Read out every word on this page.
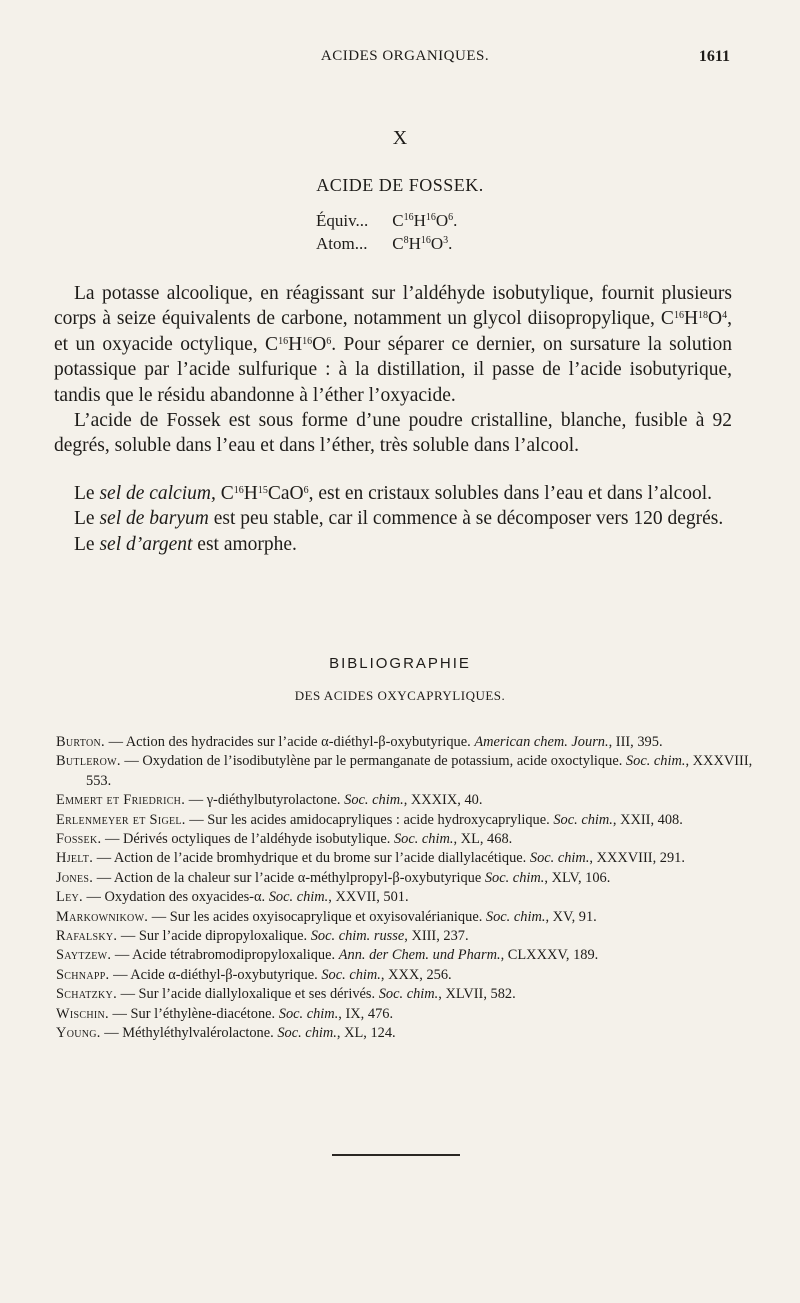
ACIDES ORGANIQUES.	1611
X
ACIDE DE FOSSEK.
Équiv... $C^{16}H^{16}O^6$.
Atom... $C^8H^{16}O^3$.

La potasse alcoolique, en réagissant sur l’aldéhyde isobutylique, fournit plusieurs corps à seize équivalents de carbone, notamment un glycol diisopropylique, $C^{16}H^{18}O^4$, et un oxyacide octylique, $C^{16}H^{16}O^6$. Pour séparer ce dernier, on sursature la solution potassique par l’acide sulfurique : à la distillation, il passe de l’acide isobutyrique, tandis que le résidu abandonne à l’éther l’oxyacide.

L’acide de Fossek est sous forme d’une poudre cristalline, blanche, fusible à 92 degrés, soluble dans l’eau et dans l’éther, très soluble dans l’alcool.

Le sel de calcium, $C^{16}H^{15}CaO^6$, est en cristaux solubles dans l’eau et dans l’alcool.

Le sel de baryum est peu stable, car il commence à se décomposer vers 120 degrés.

Le sel d’argent est amorphe.

BIBLIOGRAPHIE
DES ACIDES OXYCAPRYLIQUES.
Burton. — Action des hydracides sur l’acide α-diéthyl-β-oxybutyrique. American chem. Journ., III, 395.
Butlerow. — Oxydation de l’isodibutylène par le permanganate de potassium, acide oxoctylique. Soc. chim., XXXVIII, 553.
Emmert et Friedrich. — γ-diéthylbutyrolactone. Soc. chim., XXXIX, 40.
Erlenmeyer et Sigel. — Sur les acides amidocapryliques : acide hydroxycaprylique. Soc. chim., XXII, 408.
Fossek. — Dérivés octyliques de l’aldéhyde isobutylique. Soc. chim., XL, 468.
Hjelt. — Action de l’acide bromhydrique et du brome sur l’acide diallylacétique. Soc. chim., XXXVIII, 291.
Jones. — Action de la chaleur sur l’acide α-méthylpropyl-β-oxybutyrique Soc. chim., XLV, 106.
Ley. — Oxydation des oxyacides-α. Soc. chim., XXVII, 501.
Markownikow. — Sur les acides oxyisocaprylique et oxyisovalérianique. Soc. chim., XV, 91.
Rafalsky. — Sur l’acide dipropyloxalique. Soc. chim. russe, XIII, 237.
Saytzew. — Acide tétrabromodipropyloxalique. Ann. der Chem. und Pharm., CLXXXV, 189.
Schnapp. — Acide α-diéthyl-β-oxybutyrique. Soc. chim., XXX, 256.
Schatzky. — Sur l’acide diallyloxalique et ses dérivés. Soc. chim., XLVII, 582.
Wischin. — Sur l’éthylène-diacétone. Soc. chim., IX, 476.
Young. — Méthyléthylvalérolactone. Soc. chim., XL, 124.
